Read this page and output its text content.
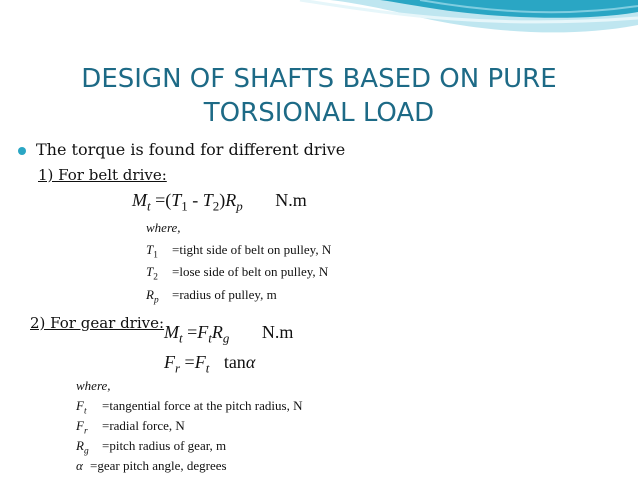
DESIGN OF SHAFTS BASED ON PURE
TORSIONAL LOAD
The torque is found for different drive
1) For belt drive:
$M_t =(T_1 - T_2)R_p$ N.m
where,
$T_1$ =tight side of belt on pulley, N
$T_2$ =lose side of belt on pulley, N
$R_p$ =radius of pulley, m
2) For gear drive: $M_t =F_tR_g$ N.m
$F_r =F_t$ tanα
where,
$F_t$ =tangential force at the pitch radius, N
$F_r$ =radial force, N
$R_g$ =pitch radius of gear, m
α =gear pitch angle, degrees
